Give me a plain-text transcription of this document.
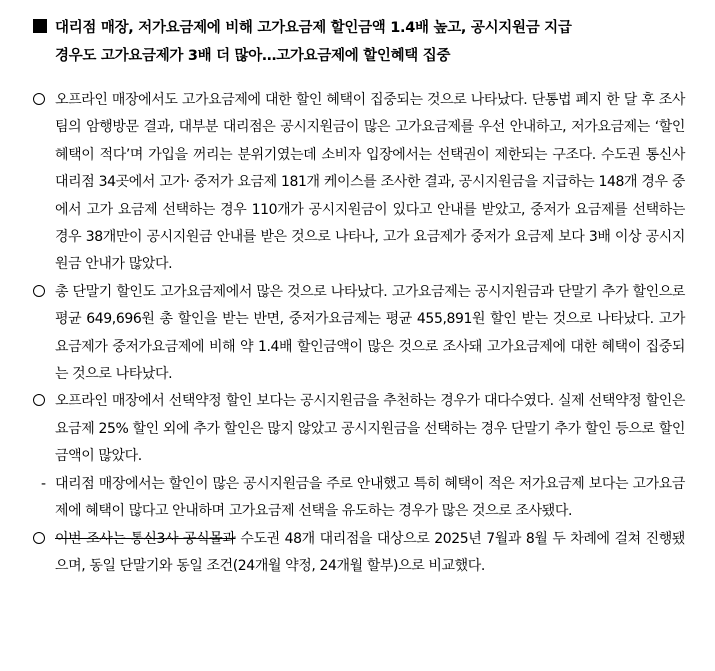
대리점 매장, 저가요금제에 비해 고가요금제 할인금액 1.4배 높고, 공시지원금 지급
경우도 고가요금제가 3배 더 많아…고가요금제에 할인혜택 집중
오프라인 매장에서도 고가요금제에 대한 할인 혜택이 집중되는 것으로 나타났다. 단통법 폐지 한 달 후 조사팀의 암행방문 결과, 대부분 대리점은 공시지원금이 많은 고가요금제를 우선 안내하고, 저가요금제는 ‘할인 혜택이 적다’며 가입을 꺼리는 분위기였는데 소비자 입장에서는 선택권이 제한되는 구조다. 수도권 통신사 대리점 34곳에서 고가· 중저가 요금제 181개 케이스를 조사한 결과, 공시지원금을 지급하는 148개 경우 중에서 고가 요금제 선택하는 경우 110개가 공시지원금이 있다고 안내를 받았고, 중저가 요금제를 선택하는 경우 38개만이 공시지원금 안내를 받은 것으로 나타나, 고가 요금제가 중저가 요금제 보다 3배 이상 공시지원금 안내가 많았다.
총 단말기 할인도 고가요금제에서 많은 것으로 나타났다. 고가요금제는 공시지원금과 단말기 추가 할인으로 평균 649,696원 총 할인을 받는 반면, 중저가요금제는 평균 455,891원 할인 받는 것으로 나타났다. 고가요금제가 중저가요금제에 비해 약 1.4배 할인금액이 많은 것으로 조사돼 고가요금제에 대한 혜택이 집중되는 것으로 나타났다.
오프라인 매장에서 선택약정 할인 보다는 공시지원금을 추천하는 경우가 대다수였다. 실제 선택약정 할인은 요금제 25% 할인 외에 추가 할인은 많지 않았고 공시지원금을 선택하는 경우 단말기 추가 할인 등으로 할인 금액이 많았다.
- 대리점 매장에서는 할인이 많은 공시지원금을 주로 안내했고 특히 혜택이 적은 저가요금제 보다는 고가요금제에 혜택이 많다고 안내하며 고가요금제 선택을 유도하는 경우가 많은 것으로 조사됐다.
이번 조사는 통신3사 공식몰과 수도권 48개 대리점을 대상으로 2025년 7월과 8월 두 차례에 걸쳐 진행됐으며, 동일 단말기와 동일 조건(24개월 약정, 24개월 할부)으로 비교했다.
